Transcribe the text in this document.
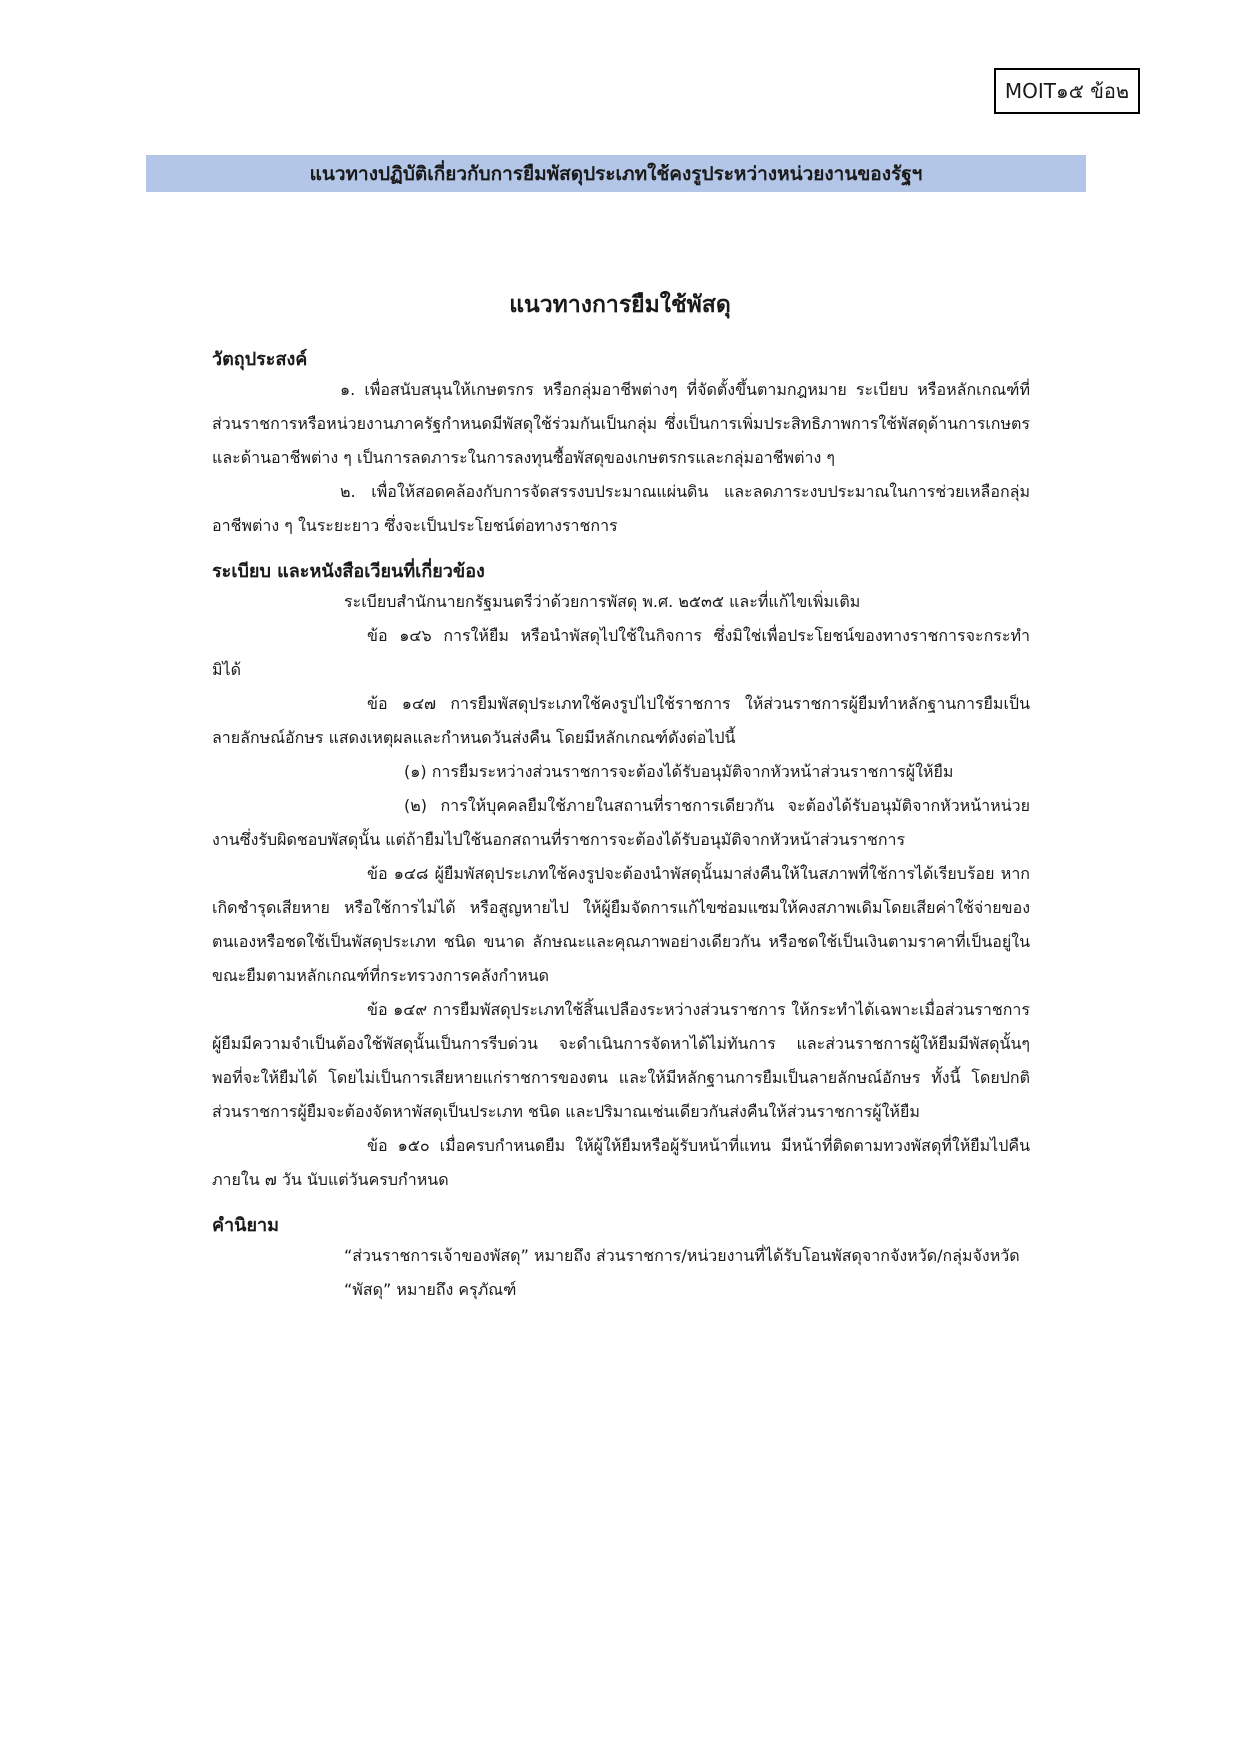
MOIT๑๕ ข้อ๒
แนวทางปฏิบัติเกี่ยวกับการยืมพัสดุประเภทใช้คงรูประหว่างหน่วยงานของรัฐฯ
แนวทางการยืมใช้พัสดุ

วัตถุประสงค์

๑. เพื่อสนับสนุนให้เกษตรกร หรือกลุ่มอาชีพต่างๆ ที่จัดตั้งขึ้นตามกฎหมาย ระเบียบ หรือหลักเกณฑ์ที่ส่วนราชการหรือหน่วยงานภาครัฐกำหนดมีพัสดุใช้ร่วมกันเป็นกลุ่ม ซึ่งเป็นการเพิ่มประสิทธิภาพการใช้พัสดุด้านการเกษตร และด้านอาชีพต่าง ๆ เป็นการลดภาระในการลงทุนซื้อพัสดุของเกษตรกรและกลุ่มอาชีพต่าง ๆ

๒. เพื่อให้สอดคล้องกับการจัดสรรงบประมาณแผ่นดิน และลดภาระงบประมาณในการช่วยเหลือกลุ่มอาชีพต่าง ๆ ในระยะยาว ซึ่งจะเป็นประโยชน์ต่อทางราชการ

ระเบียบ และหนังสือเวียนที่เกี่ยวข้อง

ระเบียบสำนักนายกรัฐมนตรีว่าด้วยการพัสดุ พ.ศ. ๒๕๓๕ และที่แก้ไขเพิ่มเติม

ข้อ ๑๔๖ การให้ยืม หรือนำพัสดุไปใช้ในกิจการ ซึ่งมิใช่เพื่อประโยชน์ของทางราชการจะกระทำมิได้

ข้อ ๑๔๗ การยืมพัสดุประเภทใช้คงรูปไปใช้ราชการ ให้ส่วนราชการผู้ยืมทำหลักฐานการยืมเป็นลายลักษณ์อักษร แสดงเหตุผลและกำหนดวันส่งคืน โดยมีหลักเกณฑ์ดังต่อไปนี้

(๑) การยืมระหว่างส่วนราชการจะต้องได้รับอนุมัติจากหัวหน้าส่วนราชการผู้ให้ยืม

(๒) การให้บุคคลยืมใช้ภายในสถานที่ราชการเดียวกัน จะต้องได้รับอนุมัติจากหัวหน้าหน่วยงานซึ่งรับผิดชอบพัสดุนั้น แต่ถ้ายืมไปใช้นอกสถานที่ราชการจะต้องได้รับอนุมัติจากหัวหน้าส่วนราชการ

ข้อ ๑๔๘ ผู้ยืมพัสดุประเภทใช้คงรูปจะต้องนำพัสดุนั้นมาส่งคืนให้ในสภาพที่ใช้การได้เรียบร้อย หากเกิดชำรุดเสียหาย หรือใช้การไม่ได้ หรือสูญหายไป ให้ผู้ยืมจัดการแก้ไขซ่อมแซมให้คงสภาพเดิมโดยเสียค่าใช้จ่ายของตนเองหรือชดใช้เป็นพัสดุประเภท ชนิด ขนาด ลักษณะและคุณภาพอย่างเดียวกัน หรือชดใช้เป็นเงินตามราคาที่เป็นอยู่ในขณะยืมตามหลักเกณฑ์ที่กระทรวงการคลังกำหนด

ข้อ ๑๔๙ การยืมพัสดุประเภทใช้สิ้นเปลืองระหว่างส่วนราชการ ให้กระทำได้เฉพาะเมื่อส่วนราชการผู้ยืมมีความจำเป็นต้องใช้พัสดุนั้นเป็นการรีบด่วน จะดำเนินการจัดหาได้ไม่ทันการ และส่วนราชการผู้ให้ยืมมีพัสดุนั้นๆ พอที่จะให้ยืมได้ โดยไม่เป็นการเสียหายแก่ราชการของตน และให้มีหลักฐานการยืมเป็นลายลักษณ์อักษร ทั้งนี้ โดยปกติส่วนราชการผู้ยืมจะต้องจัดหาพัสดุเป็นประเภท ชนิด และปริมาณเช่นเดียวกันส่งคืนให้ส่วนราชการผู้ให้ยืม

ข้อ ๑๕๐ เมื่อครบกำหนดยืม ให้ผู้ให้ยืมหรือผู้รับหน้าที่แทน มีหน้าที่ติดตามทวงพัสดุที่ให้ยืมไปคืนภายใน ๗ วัน นับแต่วันครบกำหนด

คำนิยาม

“ส่วนราชการเจ้าของพัสดุ” หมายถึง ส่วนราชการ/หน่วยงานที่ได้รับโอนพัสดุจากจังหวัด/กลุ่มจังหวัด

“พัสดุ” หมายถึง ครุภัณฑ์
